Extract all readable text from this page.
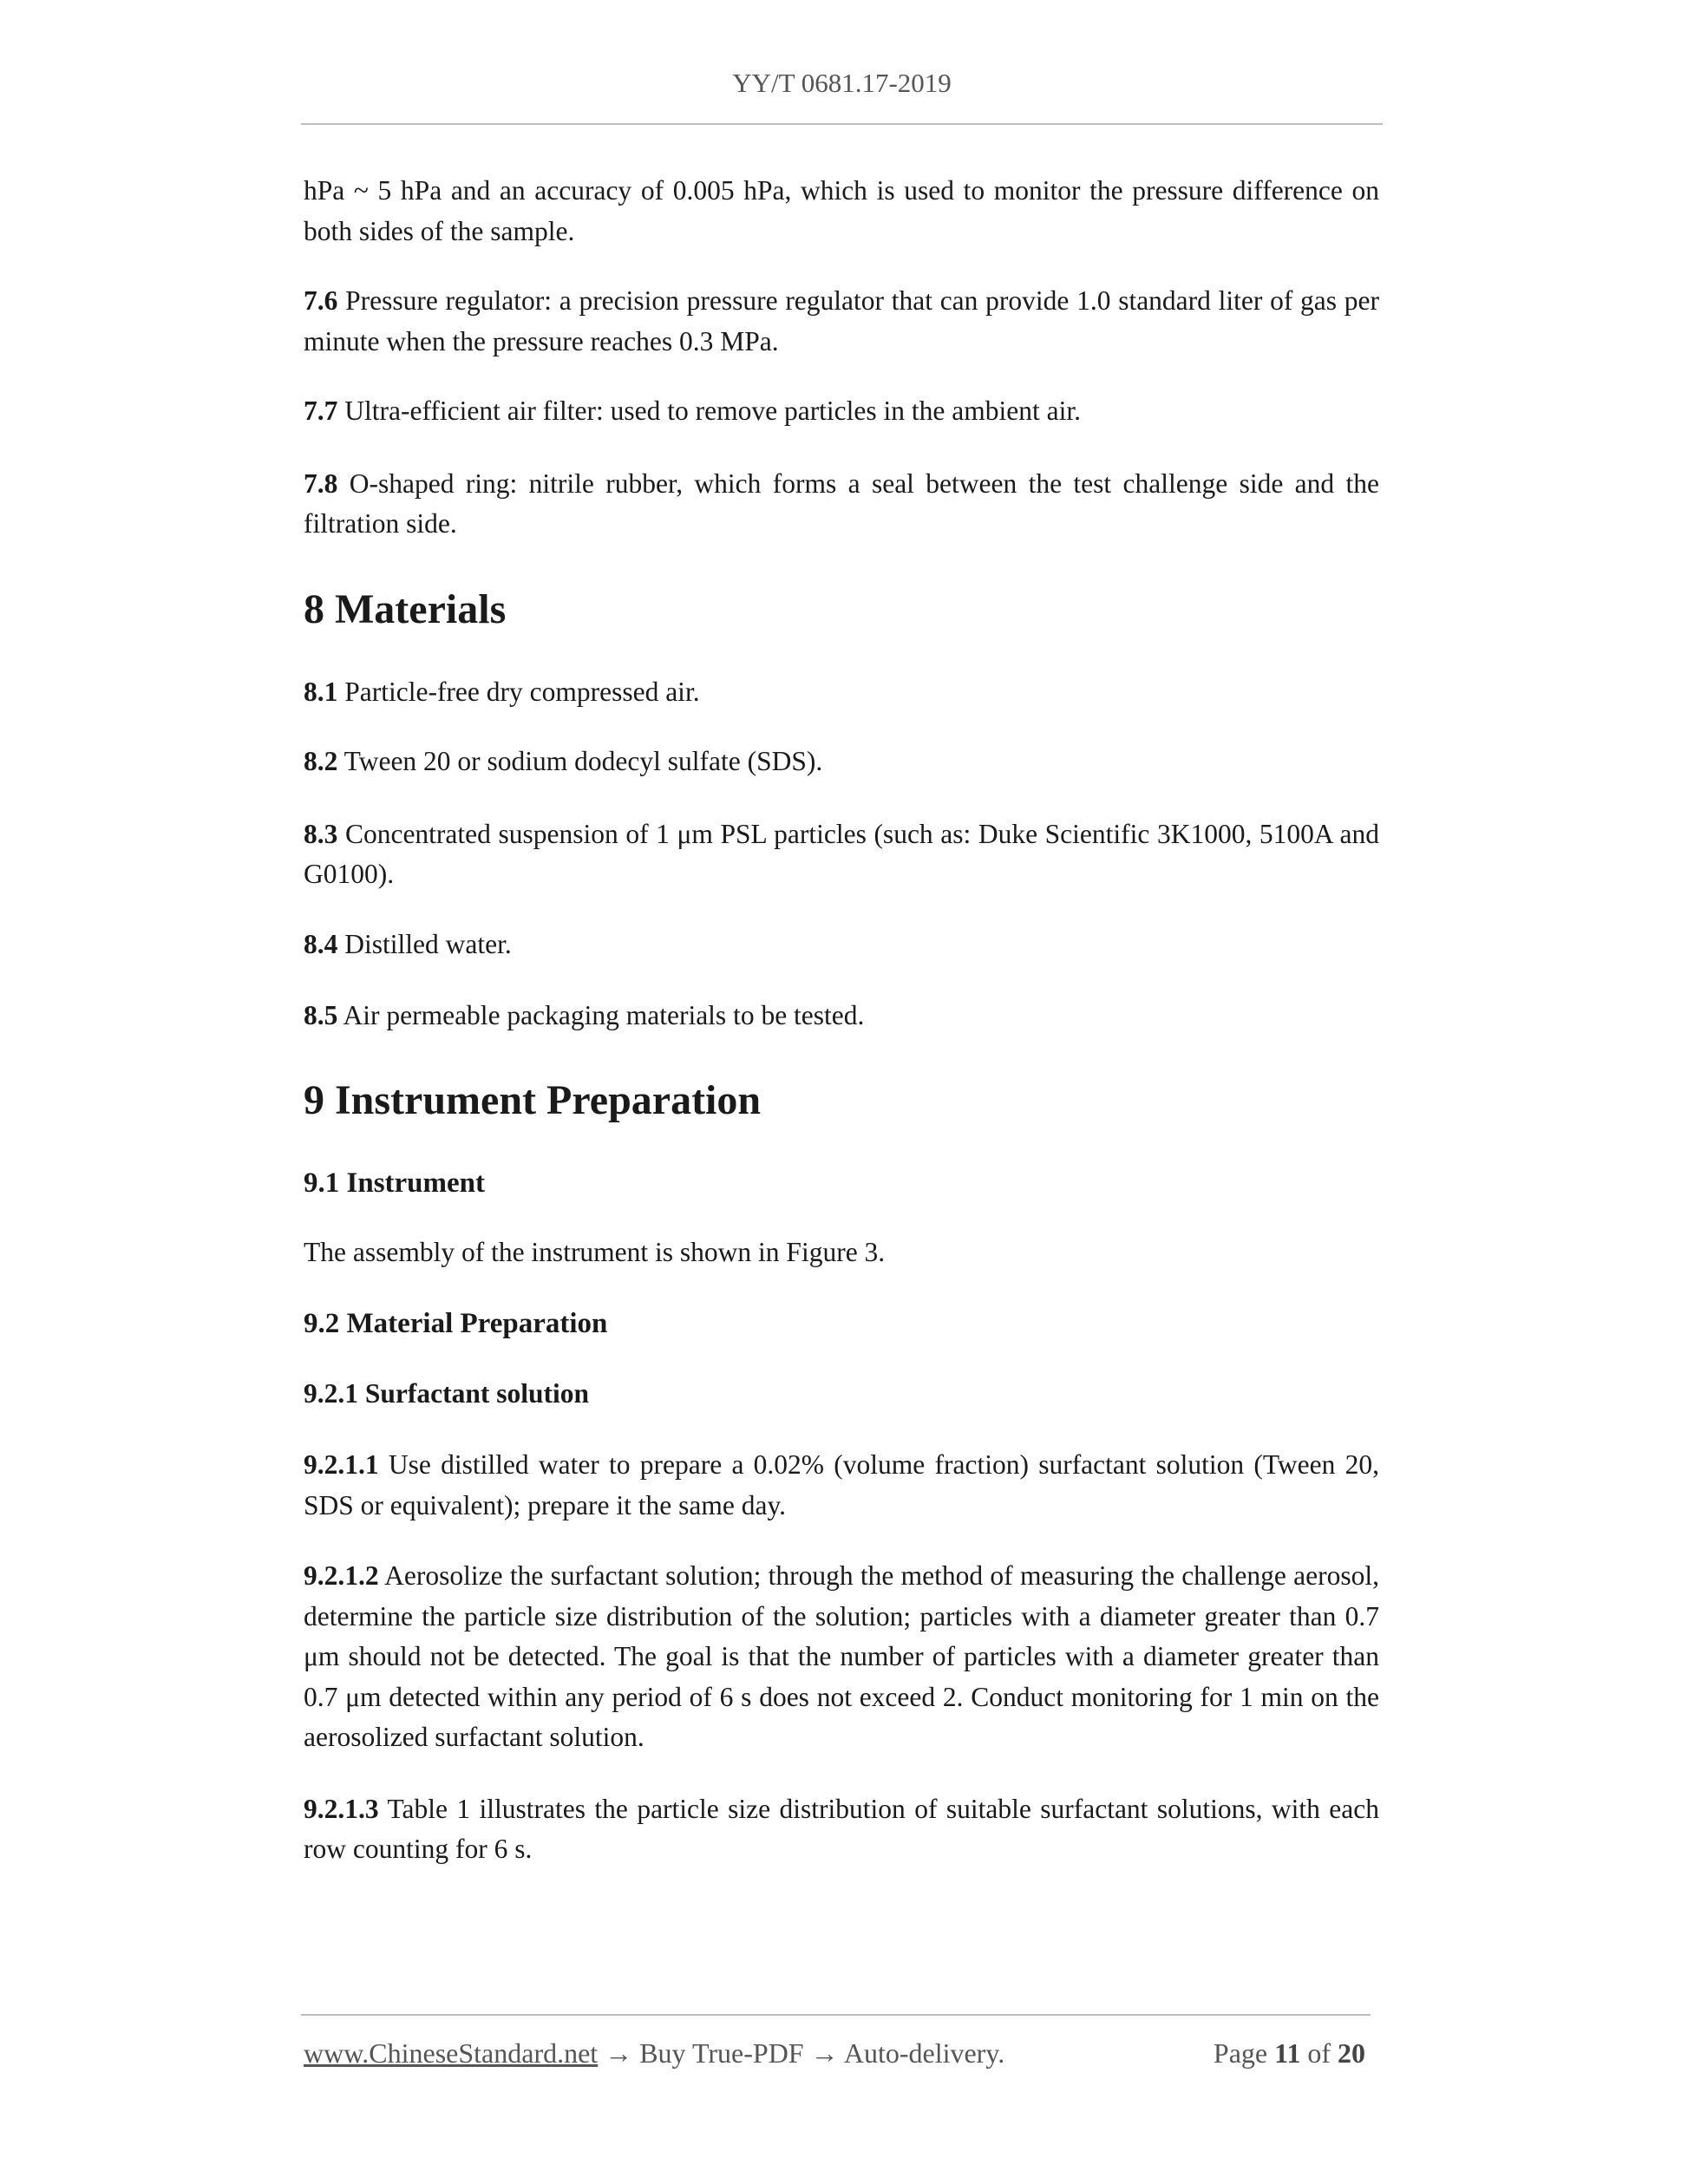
YY/T 0681.17-2019

hPa ~ 5 hPa and an accuracy of 0.005 hPa, which is used to monitor the pressure difference on both sides of the sample.

7.6 Pressure regulator: a precision pressure regulator that can provide 1.0 standard liter of gas per minute when the pressure reaches 0.3 MPa.

7.7 Ultra-efficient air filter: used to remove particles in the ambient air.

7.8 O-shaped ring: nitrile rubber, which forms a seal between the test challenge side and the filtration side.

8 Materials

8.1 Particle-free dry compressed air.

8.2 Tween 20 or sodium dodecyl sulfate (SDS).

8.3 Concentrated suspension of 1 μm PSL particles (such as: Duke Scientific 3K1000, 5100A and G0100).

8.4 Distilled water.

8.5 Air permeable packaging materials to be tested.

9 Instrument Preparation
9.1 Instrument

The assembly of the instrument is shown in Figure 3.

9.2 Material Preparation
9.2.1 Surfactant solution

9.2.1.1 Use distilled water to prepare a 0.02% (volume fraction) surfactant solution (Tween 20, SDS or equivalent); prepare it the same day.

9.2.1.2 Aerosolize the surfactant solution; through the method of measuring the challenge aerosol, determine the particle size distribution of the solution; particles with a diameter greater than 0.7 μm should not be detected. The goal is that the number of particles with a diameter greater than 0.7 μm detected within any period of 6 s does not exceed 2. Conduct monitoring for 1 min on the aerosolized surfactant solution.

9.2.1.3 Table 1 illustrates the particle size distribution of suitable surfactant solutions, with each row counting for 6 s.

www.ChineseStandard.net → Buy True-PDF → Auto-delivery.	Page 11 of 20
